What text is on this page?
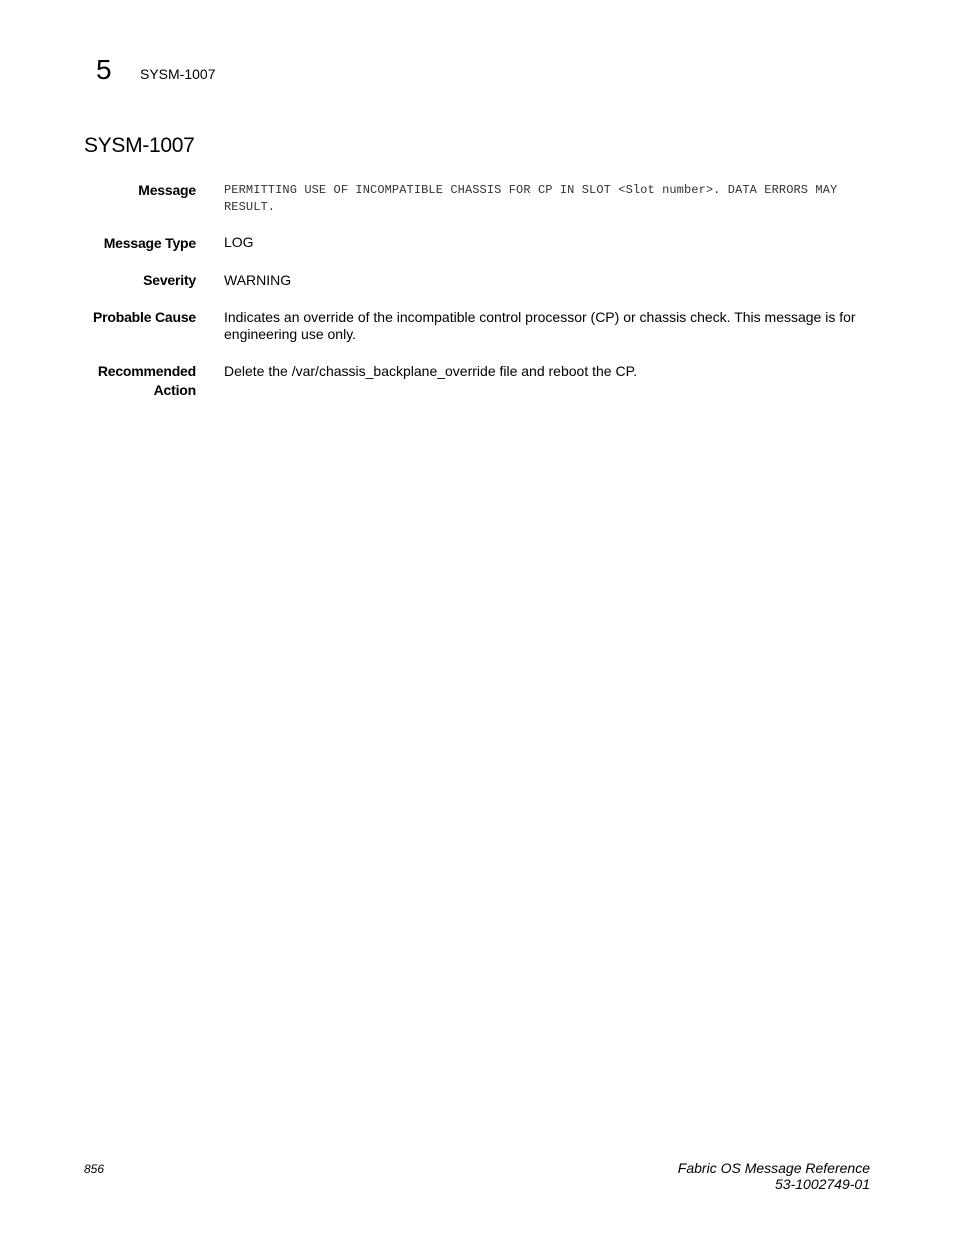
5 SYSM-1007
SYSM-1007
Message PERMITTING USE OF INCOMPATIBLE CHASSIS FOR CP IN SLOT <Slot number>. DATA ERRORS MAY RESULT.
Message Type LOG
Severity WARNING
Probable Cause Indicates an override of the incompatible control processor (CP) or chassis check. This message is for engineering use only.
Recommended
Action
Delete the /var/chassis_backplane_override file and reboot the CP.
856	Fabric OS Message Reference
53-1002749-01
